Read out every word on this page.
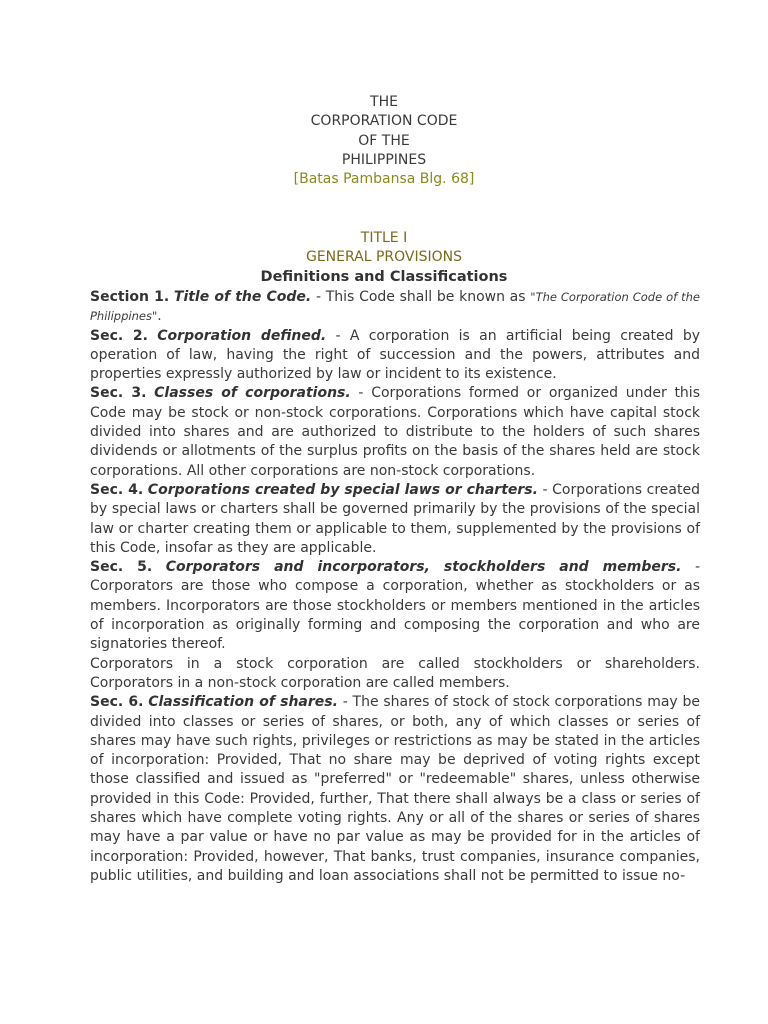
THE
CORPORATION CODE
OF THE
PHILIPPINES
[Batas Pambansa Blg. 68]
TITLE I
GENERAL PROVISIONS
Definitions and Classifications

Section 1. Title of the Code. - This Code shall be known as "The Corporation Code of the Philippines".

Sec. 2. Corporation defined. - A corporation is an artificial being created by operation of law, having the right of succession and the powers, attributes and properties expressly authorized by law or incident to its existence.

Sec. 3. Classes of corporations. - Corporations formed or organized under this Code may be stock or non-stock corporations. Corporations which have capital stock divided into shares and are authorized to distribute to the holders of such shares dividends or allotments of the surplus profits on the basis of the shares held are stock corporations. All other corporations are non-stock corporations.

Sec. 4. Corporations created by special laws or charters. - Corporations created by special laws or charters shall be governed primarily by the provisions of the special law or charter creating them or applicable to them, supplemented by the provisions of this Code, insofar as they are applicable.

Sec. 5. Corporators and incorporators, stockholders and members. - Corporators are those who compose a corporation, whether as stockholders or as members. Incorporators are those stockholders or members mentioned in the articles of incorporation as originally forming and composing the corporation and who are signatories thereof.

Corporators in a stock corporation are called stockholders or shareholders. Corporators in a non-stock corporation are called members.

Sec. 6. Classification of shares. - The shares of stock of stock corporations may be divided into classes or series of shares, or both, any of which classes or series of shares may have such rights, privileges or restrictions as may be stated in the articles of incorporation: Provided, That no share may be deprived of voting rights except those classified and issued as "preferred" or "redeemable" shares, unless otherwise provided in this Code: Provided, further, That there shall always be a class or series of shares which have complete voting rights. Any or all of the shares or series of shares may have a par value or have no par value as may be provided for in the articles of incorporation: Provided, however, That banks, trust companies, insurance companies, public utilities, and building and loan associations shall not be permitted to issue no-
